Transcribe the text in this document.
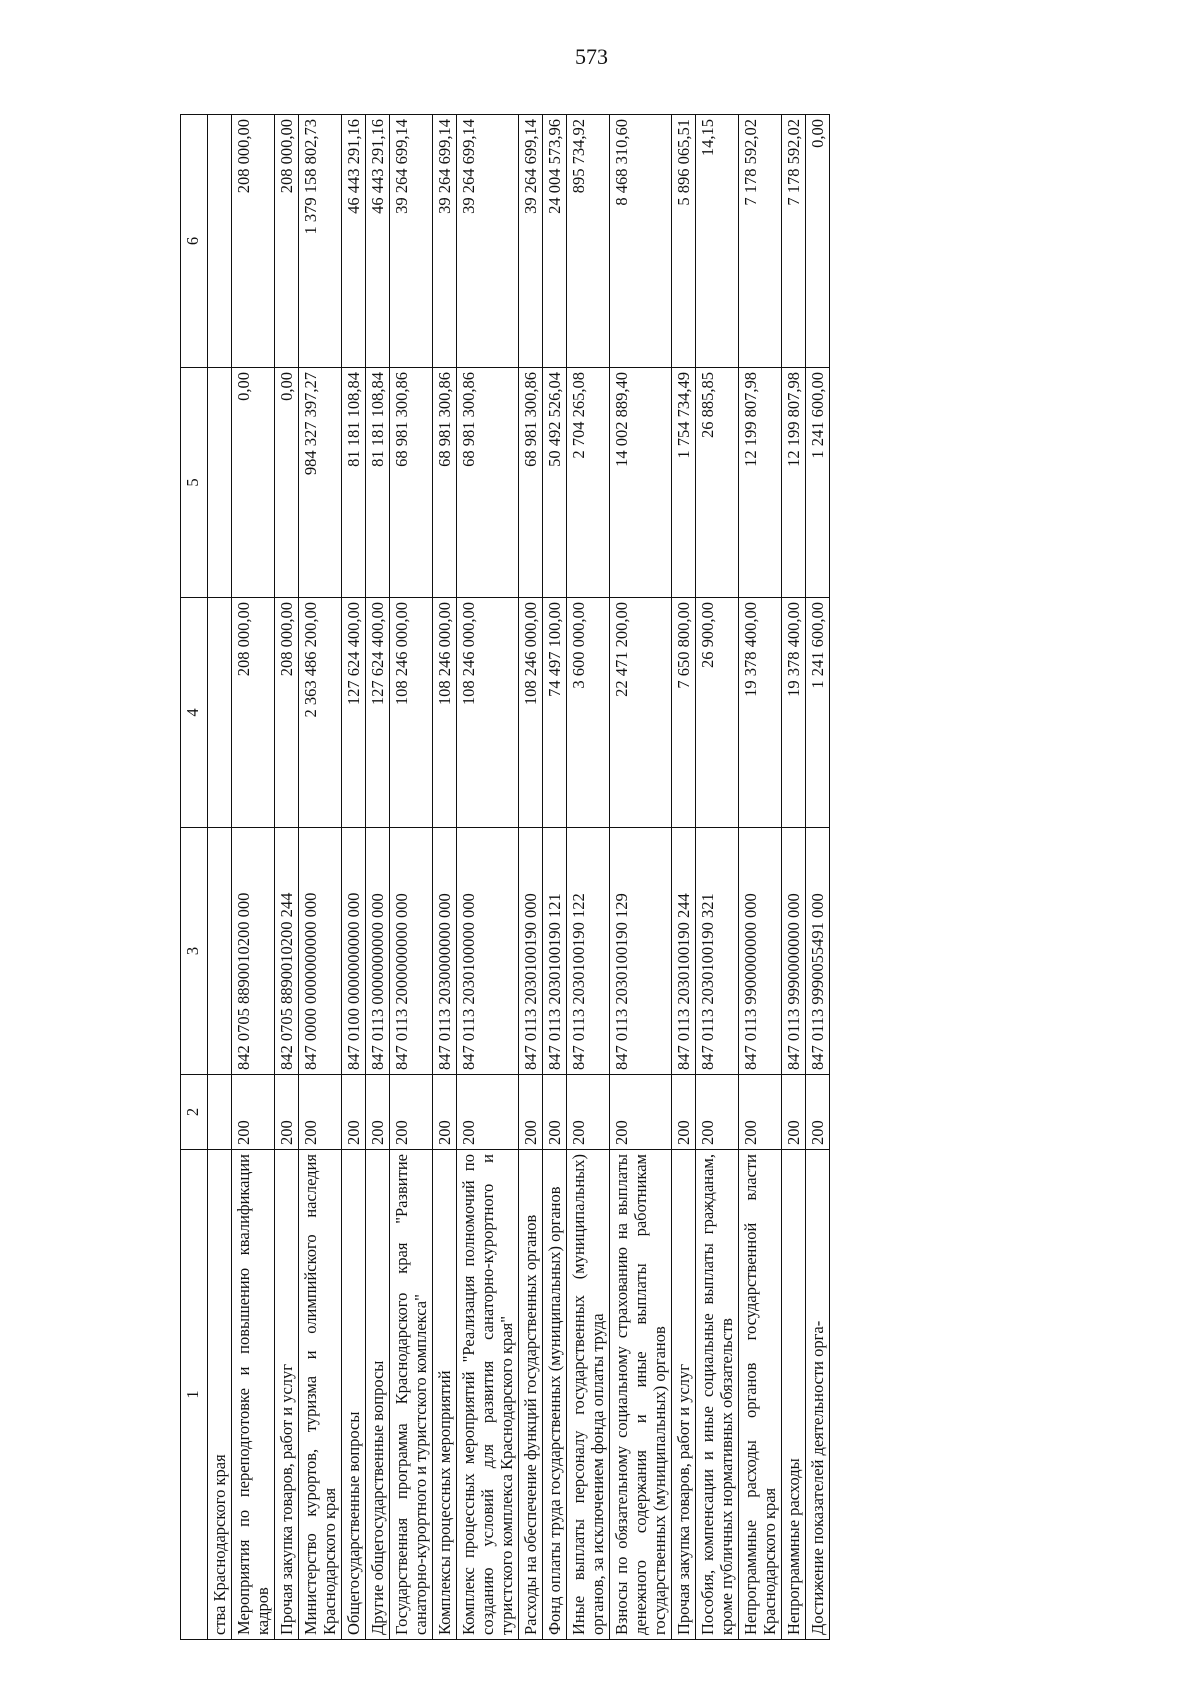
573
1	2	3	4	5	6
ства Краснодарского края					
Мероприятия по переподготовке и повышению квалификации кадров	200	842 0705 8890010200 000	208 000,00	0,00	208 000,00
Прочая закупка товаров, работ и услуг	200	842 0705 8890010200 244	208 000,00	0,00	208 000,00
Министерство курортов, туризма и олимпийского наследия Краснодарского края	200	847 0000 0000000000 000	2 363 486 200,00	984 327 397,27	1 379 158 802,73
Общегосударственные вопросы	200	847 0100 0000000000 000	127 624 400,00	81 181 108,84	46 443 291,16
Другие общегосударственные вопросы	200	847 0113 0000000000 000	127 624 400,00	81 181 108,84	46 443 291,16
Государственная программа Краснодарского края "Развитие санаторно-курортного и туристского комплекса"	200	847 0113 2000000000 000	108 246 000,00	68 981 300,86	39 264 699,14
Комплексы процессных мероприятий	200	847 0113 2030000000 000	108 246 000,00	68 981 300,86	39 264 699,14
Комплекс процессных мероприятий "Реализация полномочий по созданию условий для развития санаторно-курортного и туристского комплекса Краснодарского края"	200	847 0113 2030100000 000	108 246 000,00	68 981 300,86	39 264 699,14
Расходы на обеспечение функций государственных органов	200	847 0113 2030100190 000	108 246 000,00	68 981 300,86	39 264 699,14
Фонд оплаты труда государственных (муниципальных) органов	200	847 0113 2030100190 121	74 497 100,00	50 492 526,04	24 004 573,96
Иные выплаты персоналу государственных (муниципальных) органов, за исключением фонда оплаты труда	200	847 0113 2030100190 122	3 600 000,00	2 704 265,08	895 734,92
Взносы по обязательному социальному страхованию на выплаты денежного содержания и иные выплаты работникам государственных (муниципальных) органов	200	847 0113 2030100190 129	22 471 200,00	14 002 889,40	8 468 310,60
Прочая закупка товаров, работ и услуг	200	847 0113 2030100190 244	7 650 800,00	1 754 734,49	5 896 065,51
Пособия, компенсации и иные социальные выплаты гражданам, кроме публичных нормативных обязательств	200	847 0113 2030100190 321	26 900,00	26 885,85	14,15
Непрограммные расходы органов государственной власти Краснодарского края	200	847 0113 9900000000 000	19 378 400,00	12 199 807,98	7 178 592,02
Непрограммные расходы	200	847 0113 9990000000 000	19 378 400,00	12 199 807,98	7 178 592,02
Достижение показателей деятельности орга-	200	847 0113 9990055491 000	1 241 600,00	1 241 600,00	0,00
